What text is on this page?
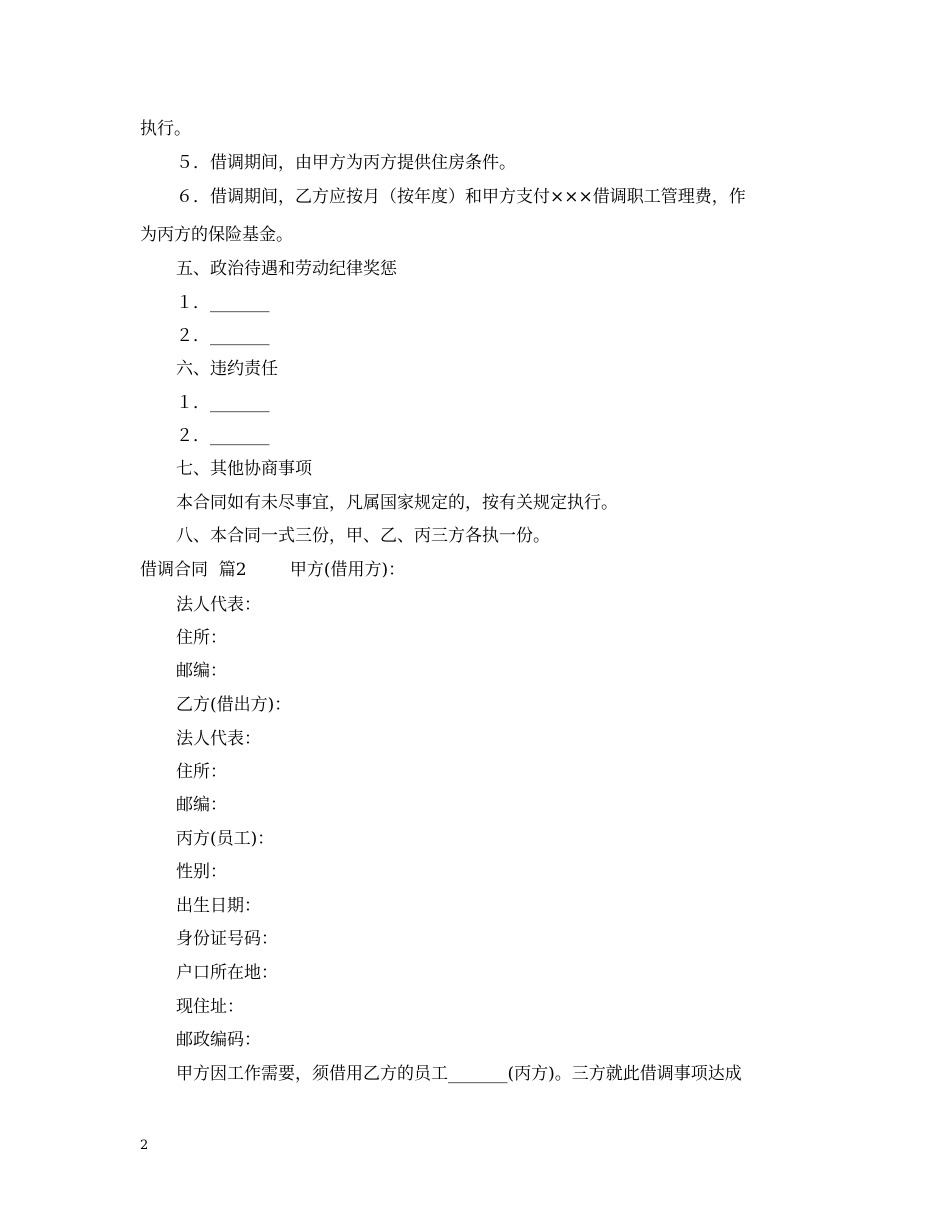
执行。
５．借调期间，由甲方为丙方提供住房条件。
６．借调期间，乙方应按月（按年度）和甲方支付×××借调职工管理费，作
为丙方的保险基金。
五、政治待遇和劳动纪律奖惩
１．_______
２．_______
六、违约责任
１．_______
２．_______
七、其他协商事项
本合同如有未尽事宜，凡属国家规定的，按有关规定执行。
八、本合同一式三份，甲、乙、丙三方各执一份。
借调合同  篇2        甲方(借用方)：
法人代表：
住所：
邮编：
乙方(借出方)：
法人代表：
住所：
邮编：
丙方(员工)：
性别：
出生日期：
身份证号码：
户口所在地：
现住址：
邮政编码：
甲方因工作需要，须借用乙方的员工_______(丙方)。三方就此借调事项达成
2
